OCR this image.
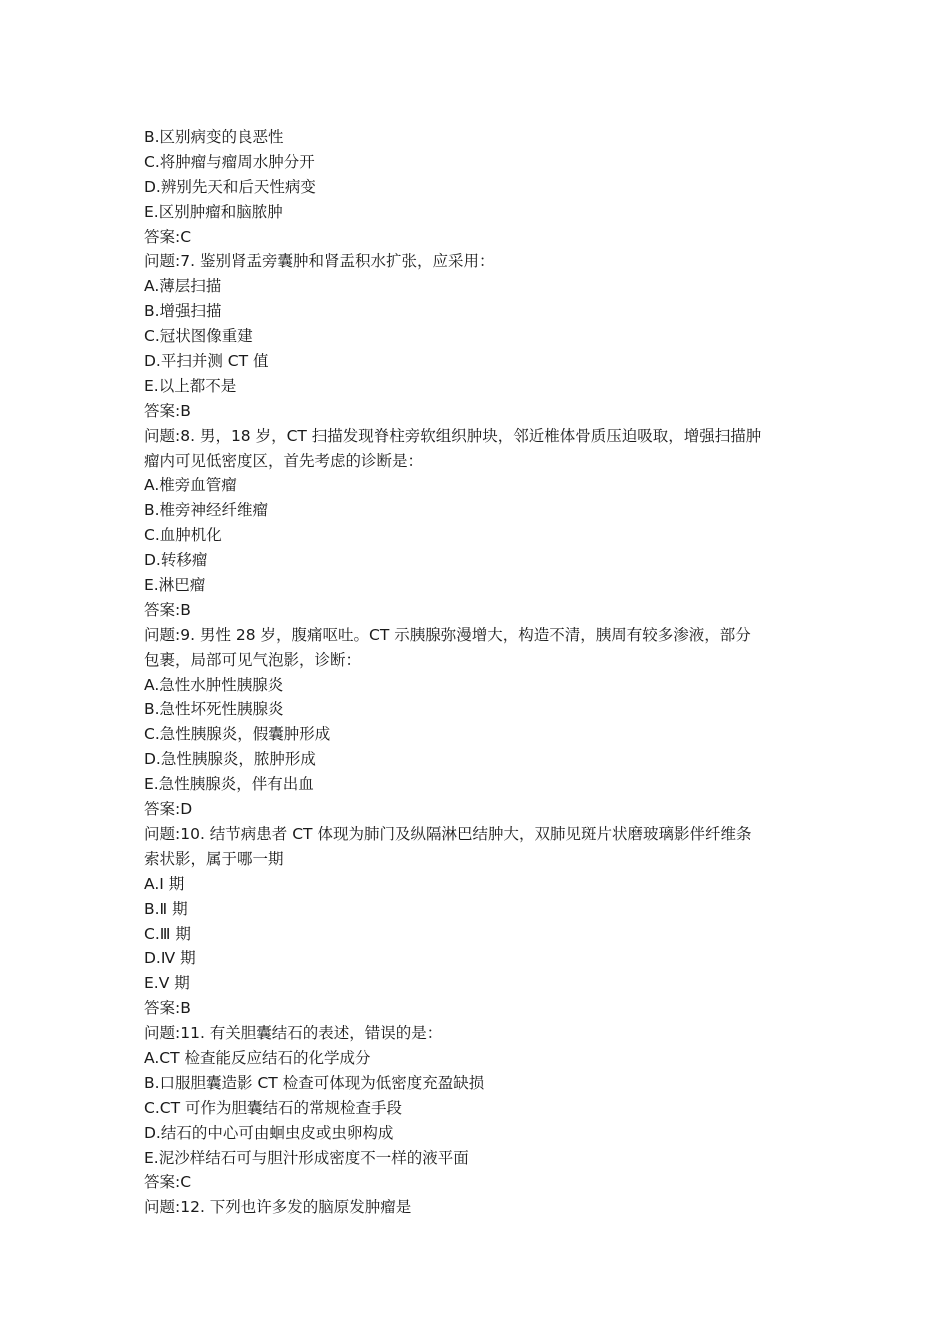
B.区别病变的良恶性
C.将肿瘤与瘤周水肿分开
D.辨别先天和后天性病变
E.区别肿瘤和脑脓肿
答案:C
问题:7. 鉴别肾盂旁囊肿和肾盂积水扩张，应采用：
A.薄层扫描
B.增强扫描
C.冠状图像重建
D.平扫并测 CT 值
E.以上都不是
答案:B
问题:8. 男，18 岁，CT 扫描发现脊柱旁软组织肿块，邻近椎体骨质压迫吸取，增强扫描肿
瘤内可见低密度区，首先考虑的诊断是：
A.椎旁血管瘤
B.椎旁神经纤维瘤
C.血肿机化
D.转移瘤
E.淋巴瘤
答案:B
问题:9. 男性 28 岁，腹痛呕吐。CT 示胰腺弥漫增大，构造不清，胰周有较多渗液，部分
包裹，局部可见气泡影，诊断：
A.急性水肿性胰腺炎
B.急性坏死性胰腺炎
C.急性胰腺炎，假囊肿形成
D.急性胰腺炎，脓肿形成
E.急性胰腺炎，伴有出血
答案:D
问题:10. 结节病患者 CT 体现为肺门及纵隔淋巴结肿大，双肺见斑片状磨玻璃影伴纤维条
索状影，属于哪一期
A.Ⅰ 期
B.Ⅱ 期
C.Ⅲ 期
D.Ⅳ 期
E.Ⅴ 期
答案:B
问题:11. 有关胆囊结石的表述，错误的是：
A.CT 检查能反应结石的化学成分
B.口服胆囊造影 CT 检查可体现为低密度充盈缺损
C.CT 可作为胆囊结石的常规检查手段
D.结石的中心可由蛔虫皮或虫卵构成
E.泥沙样结石可与胆汁形成密度不一样的液平面
答案:C
问题:12. 下列也许多发的脑原发肿瘤是
